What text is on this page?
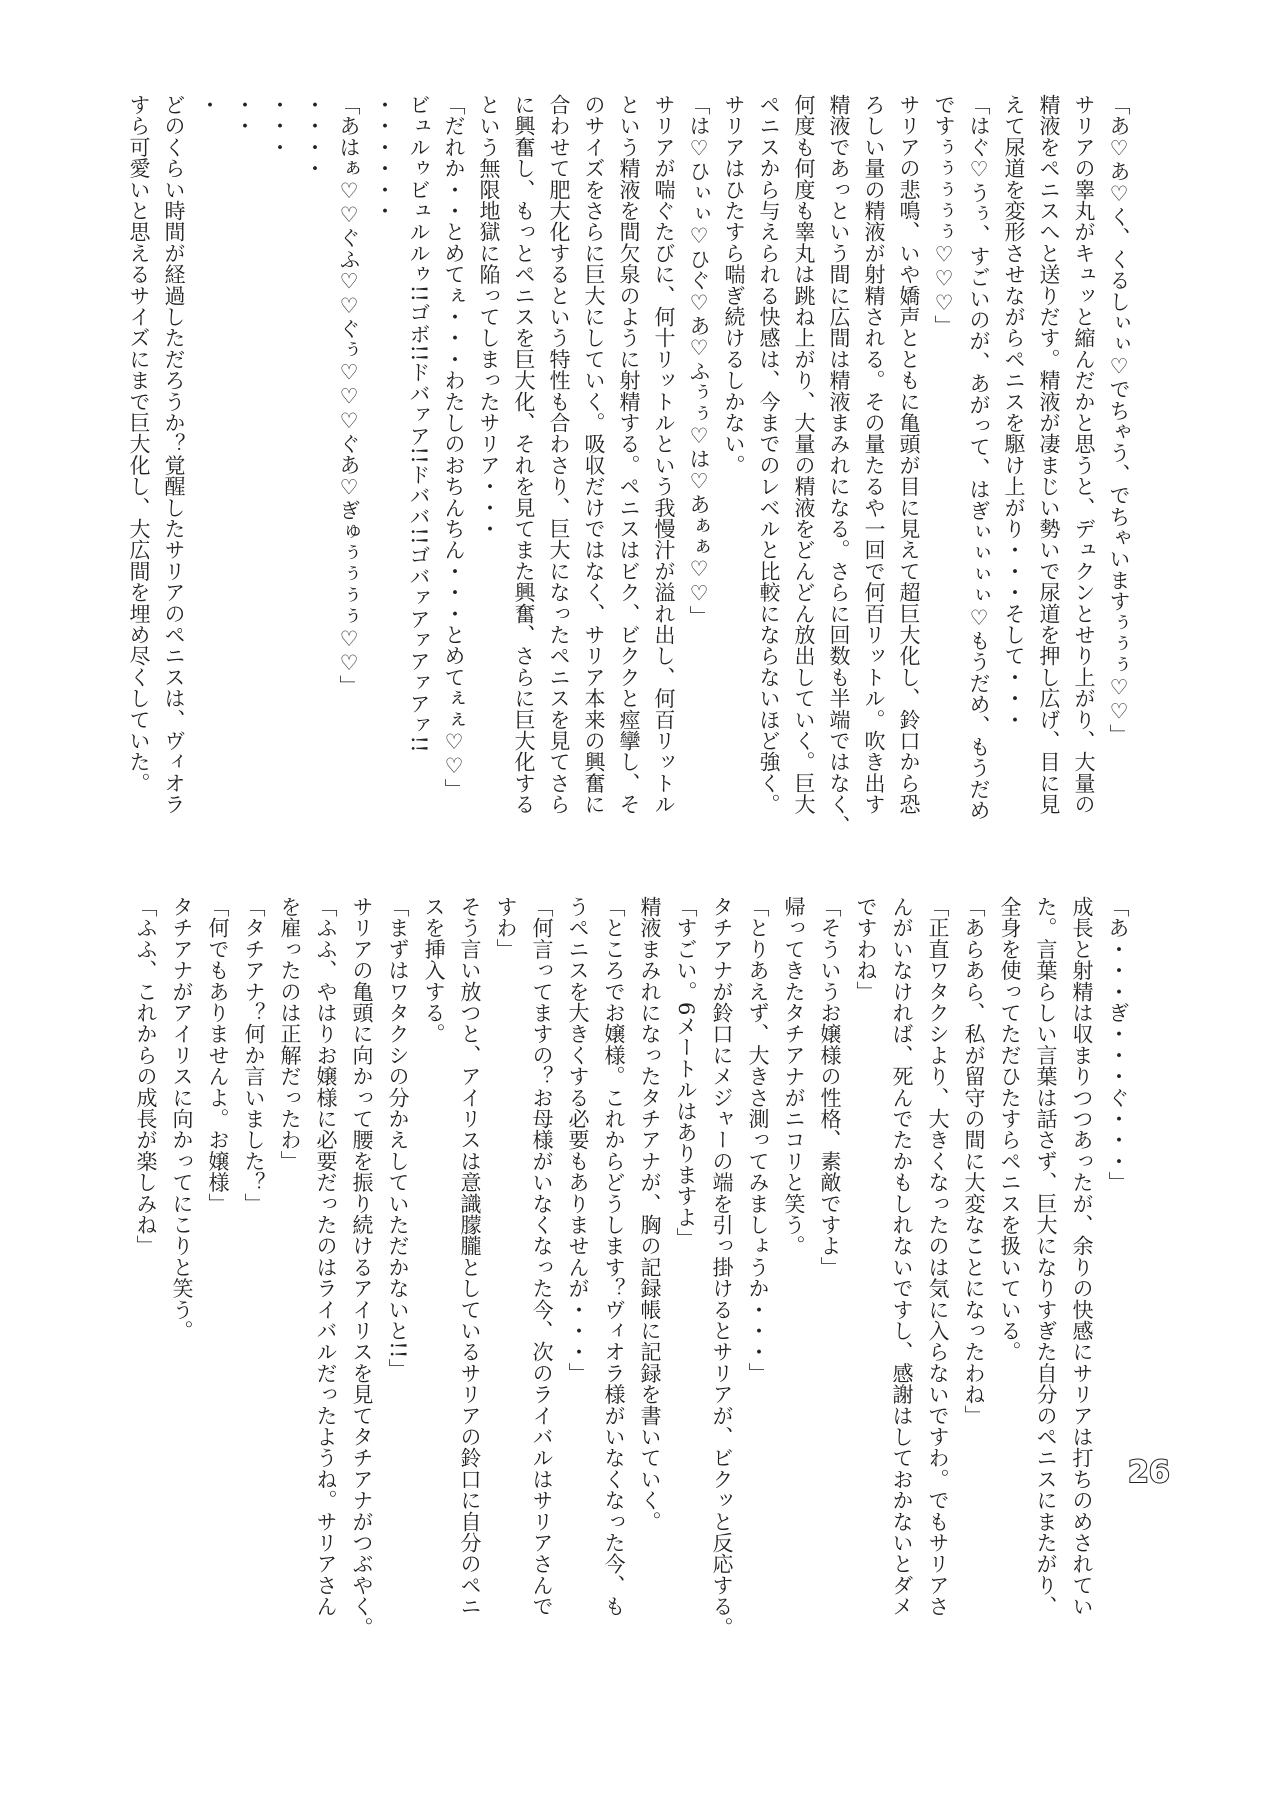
「あ♡あ♡く、くるしぃぃ♡でちゃう、でちゃいますぅぅぅ♡♡」
サリアの睾丸がキュッと縮んだかと思うと、デュクンとせり上がり、大量の
精液をペニスへと送りだす。精液が凄まじい勢いで尿道を押し広げ、目に見
えて尿道を変形させながらペニスを駆け上がり・・・そして・・・
「はぐ♡うぅ、すごいのが、あがって、はぎぃぃぃぃ♡もうだめ、もうだめ
ですぅぅぅぅぅ♡♡♡」
サリアの悲鳴、いや嬌声とともに亀頭が目に見えて超巨大化し、鈴口から恐
ろしい量の精液が射精される。その量たるや一回で何百リットル。吹き出す
精液であっという間に広間は精液まみれになる。さらに回数も半端ではなく、
何度も何度も睾丸は跳ね上がり、大量の精液をどんどん放出していく。巨大
ペニスから与えられる快感は、今までのレベルと比較にならないほど強く。
サリアはひたすら喘ぎ続けるしかない。
「は♡ひぃぃ♡ひぐ♡あ♡ふぅぅ♡は♡あぁぁ♡♡」
サリアが喘ぐたびに、何十リットルという我慢汁が溢れ出し、何百リットル
という精液を間欠泉のように射精する。ペニスはビク、ビククと痙攣し、そ
のサイズをさらに巨大にしていく。吸収だけではなく、サリア本来の興奮に
合わせて肥大化するという特性も合わさり、巨大になったペニスを見てさら
に興奮し、もっとペニスを巨大化、それを見てまた興奮、さらに巨大化する
という無限地獄に陥ってしまったサリア・・・
「だれか・・とめてぇ・・・わたしのおちんちん・・・とめてぇぇ♡♡」
ビュルゥビュルルゥ!!ゴボ!!ドバァア!!ドババ!!ゴバァアァアァアァ!!
・・・・・・
「あはぁ♡♡ぐふ♡♡ぐぅ♡♡♡ぐあ♡ぎゅぅぅぅぅ♡♡」
・・・・
・・・
・・
・
どのくらい時間が経過しただろうか？覚醒したサリアのペニスは、ヴィオラ
すら可愛いと思えるサイズにまで巨大化し、大広間を埋め尽くしていた。
「あ・・・ぎ・・・ぐ・・・」
成長と射精は収まりつつあったが、余りの快感にサリアは打ちのめされてい
た。言葉らしい言葉は話さず、巨大になりすぎた自分のペニスにまたがり、
全身を使ってただひたすらペニスを扱いている。
「あらあら、私が留守の間に大変なことになったわね」
「正直ワタクシより、大きくなったのは気に入らないですわ。でもサリアさ
んがいなければ、死んでたかもしれないですし、感謝はしておかないとダメ
ですわね」
「そういうお嬢様の性格、素敵ですよ」
帰ってきたタチアナがニコリと笑う。
「とりあえず、大きさ測ってみましょうか・・・」
タチアナが鈴口にメジャーの端を引っ掛けるとサリアが、ビクッと反応する。
「すごい。6メートルはありますよ」
精液まみれになったタチアナが、胸の記録帳に記録を書いていく。
「ところでお嬢様。これからどうします？ヴィオラ様がいなくなった今、も
うペニスを大きくする必要もありませんが・・・」
「何言ってますの？お母様がいなくなった今、次のライバルはサリアさんで
すわ」
そう言い放つと、アイリスは意識朦朧としているサリアの鈴口に自分のペニ
スを挿入する。
「まずはワタクシの分かえしていただかないと!!」
サリアの亀頭に向かって腰を振り続けるアイリスを見てタチアナがつぶやく。
「ふふ、やはりお嬢様に必要だったのはライバルだったようね。サリアさん
を雇ったのは正解だったわ」
「タチアナ？何か言いました？」
「何でもありませんよ。お嬢様」
タチアナがアイリスに向かってにこりと笑う。
「ふふ、これからの成長が楽しみね」
26
